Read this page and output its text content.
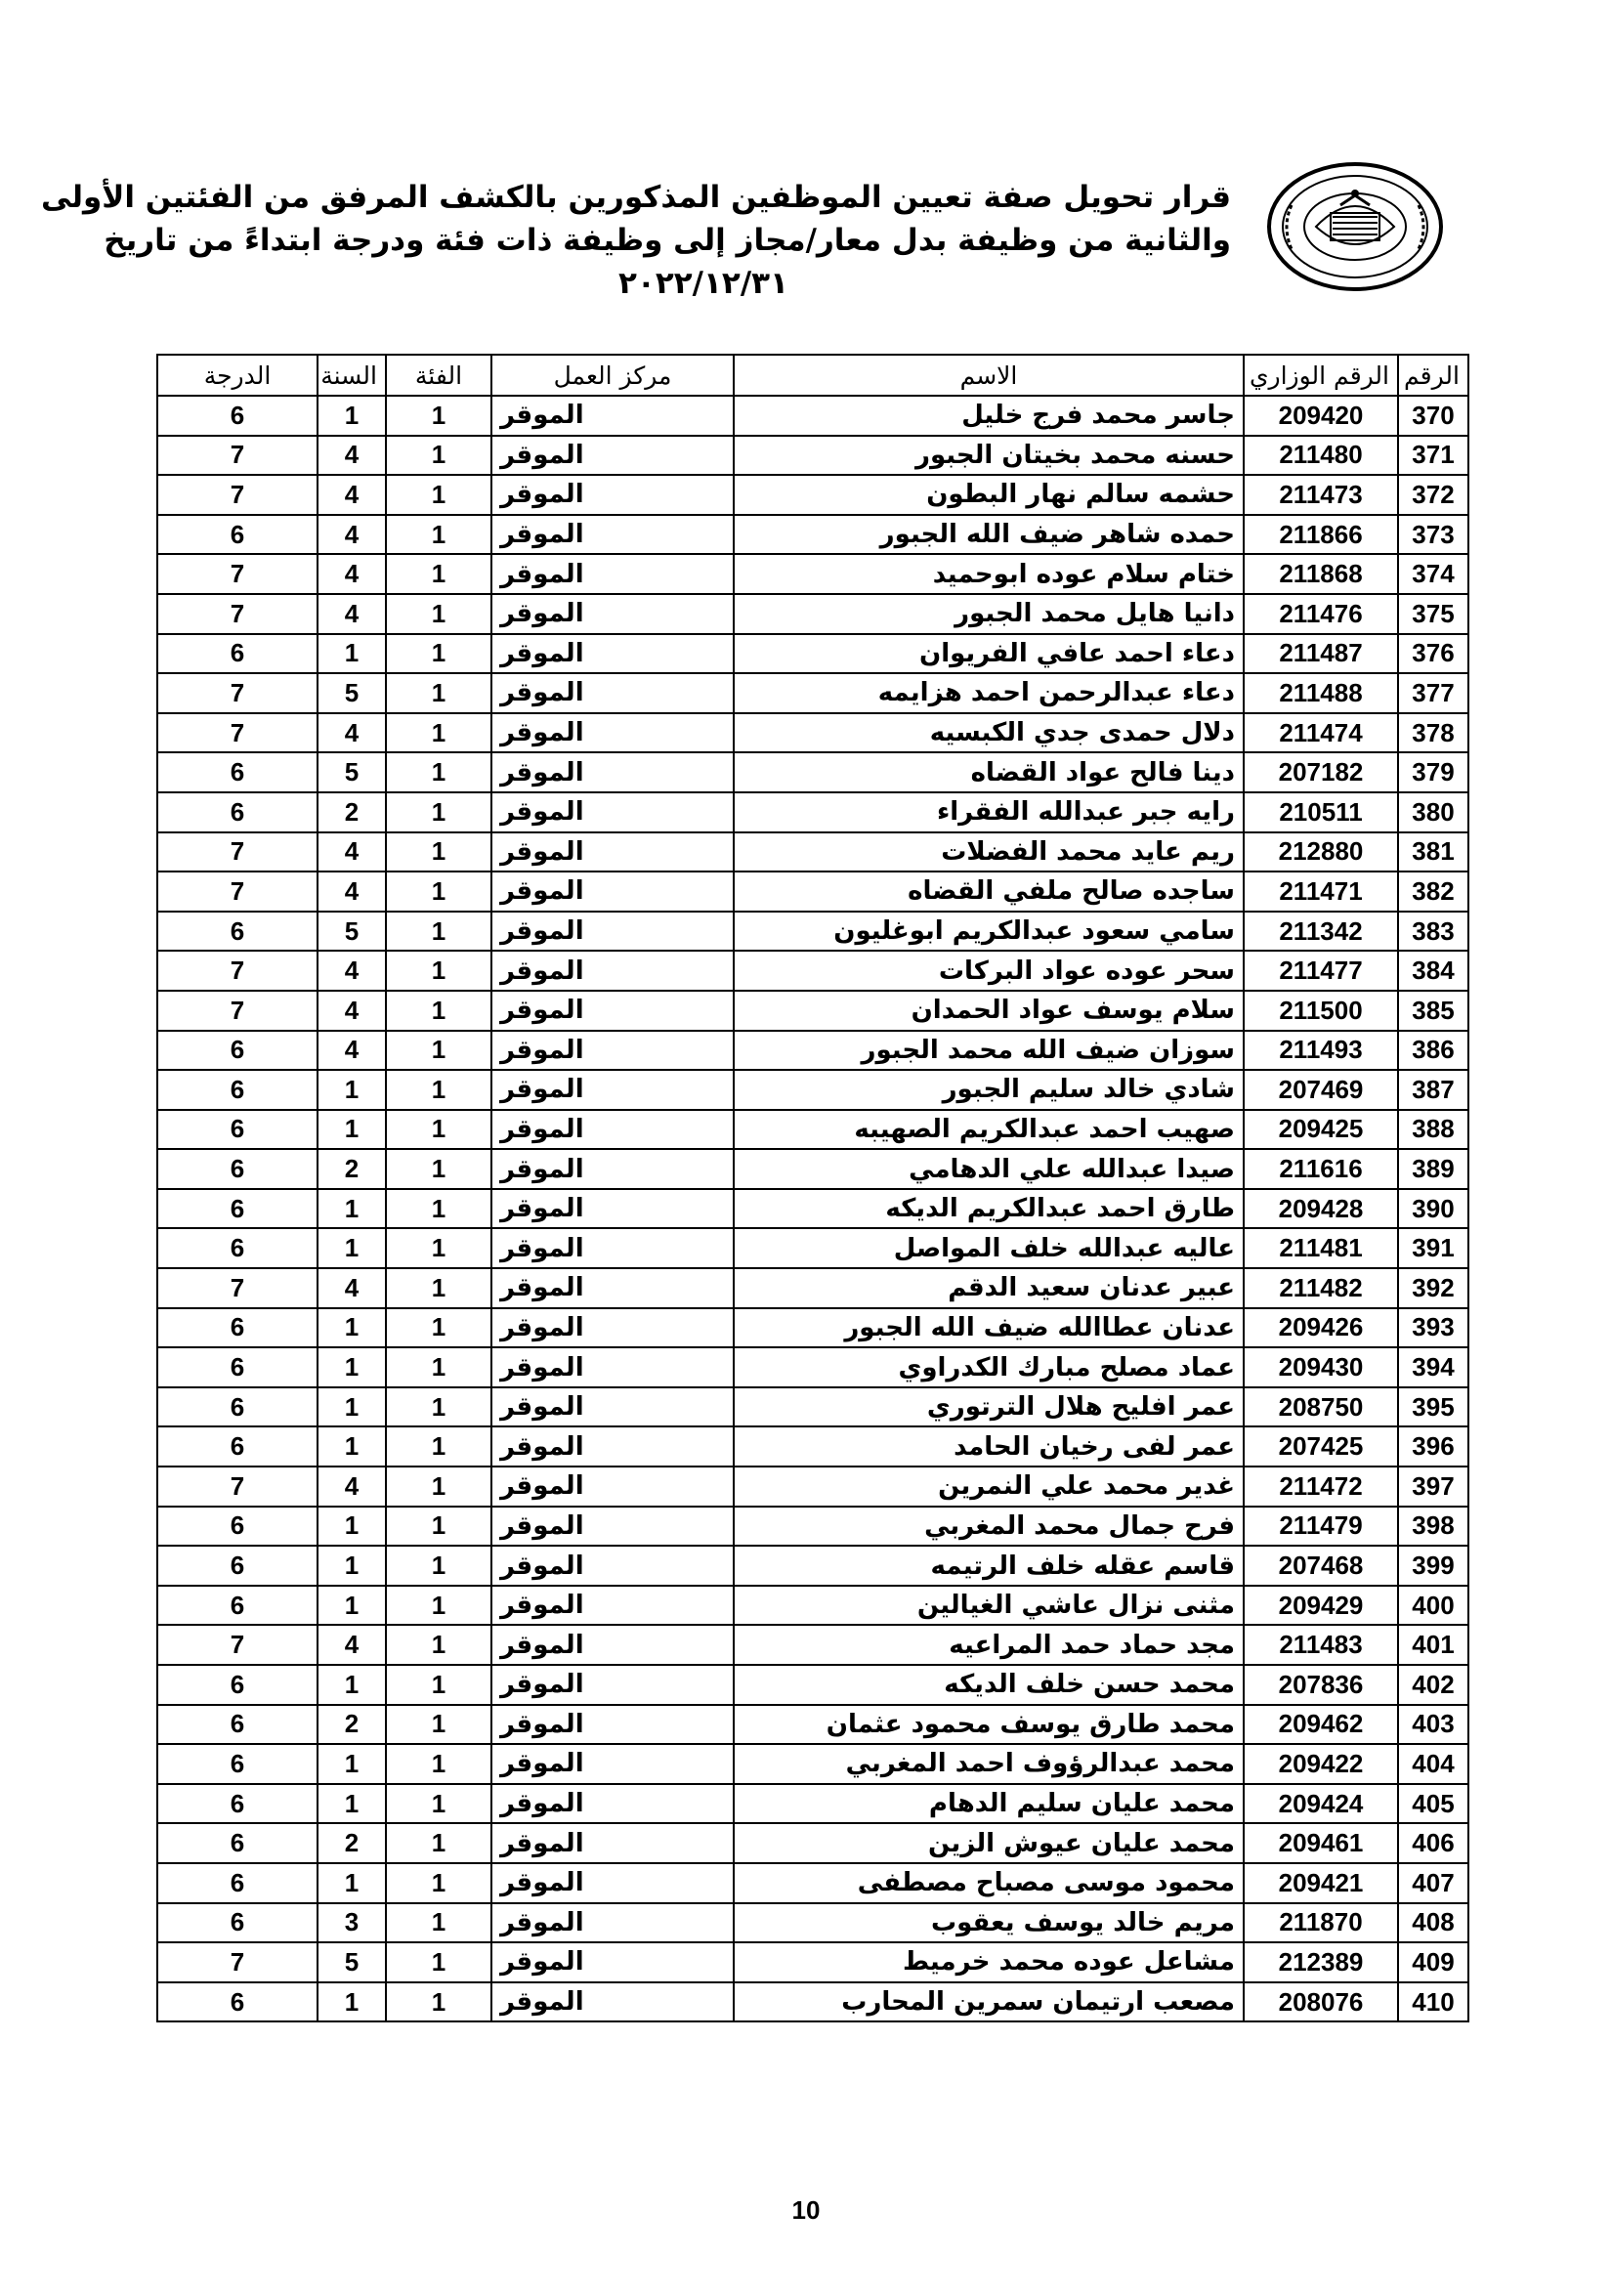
قرار تحويل صفة تعيين الموظفين المذكورين بالكشف المرفق من الفئتين الأولى
والثانية من وظيفة بدل معار/مجاز إلى وظيفة ذات فئة ودرجة ابتداءً من تاريخ
٢٠٢٢/١٢/٣١
الرقم	الرقم الوزاري	الاسم	مركز العمل	الفئة	السنة	الدرجة
370	209420	جاسر محمد فرج خليل	الموقر	1	1	6
371	211480	حسنه محمد بخيتان الجبور	الموقر	1	4	7
372	211473	حشمه سالم نهار البطون	الموقر	1	4	7
373	211866	حمده شاهر ضيف الله الجبور	الموقر	1	4	6
374	211868	ختام سلام عوده ابوحميد	الموقر	1	4	7
375	211476	دانيا هايل محمد الجبور	الموقر	1	4	7
376	211487	دعاء احمد عافي الفريوان	الموقر	1	1	6
377	211488	دعاء عبدالرحمن احمد هزايمه	الموقر	1	5	7
378	211474	دلال حمدى جدي الكبسيه	الموقر	1	4	7
379	207182	دينا فالح عواد القضاه	الموقر	1	5	6
380	210511	رايه جبر عبدالله الفقراء	الموقر	1	2	6
381	212880	ريم عايد محمد الفضلات	الموقر	1	4	7
382	211471	ساجده صالح ملفي القضاه	الموقر	1	4	7
383	211342	سامي سعود عبدالكريم ابوغليون	الموقر	1	5	6
384	211477	سحر عوده عواد البركات	الموقر	1	4	7
385	211500	سلام يوسف عواد الحمدان	الموقر	1	4	7
386	211493	سوزان ضيف الله محمد الجبور	الموقر	1	4	6
387	207469	شادي خالد سليم الجبور	الموقر	1	1	6
388	209425	صهيب احمد عبدالكريم الصهيبه	الموقر	1	1	6
389	211616	صيدا عبدالله علي الدهامي	الموقر	1	2	6
390	209428	طارق احمد عبدالكريم الديكه	الموقر	1	1	6
391	211481	عاليه عبدالله خلف المواصل	الموقر	1	1	6
392	211482	عبير عدنان سعيد الدقم	الموقر	1	4	7
393	209426	عدنان عطاالله ضيف الله الجبور	الموقر	1	1	6
394	209430	عماد مصلح مبارك الكدراوي	الموقر	1	1	6
395	208750	عمر افليح هلال الترتوري	الموقر	1	1	6
396	207425	عمر لفى رخيان الحامد	الموقر	1	1	6
397	211472	غدير محمد علي النمرين	الموقر	1	4	7
398	211479	فرح جمال محمد المغربي	الموقر	1	1	6
399	207468	قاسم عقله خلف الرتيمه	الموقر	1	1	6
400	209429	مثنى نزال عاشي الغيالين	الموقر	1	1	6
401	211483	مجد حماد حمد المراعيه	الموقر	1	4	7
402	207836	محمد حسن خلف الديكه	الموقر	1	1	6
403	209462	محمد طارق يوسف محمود عثمان	الموقر	1	2	6
404	209422	محمد عبدالرؤوف احمد المغربي	الموقر	1	1	6
405	209424	محمد عليان سليم الدهام	الموقر	1	1	6
406	209461	محمد عليان عيوش الزين	الموقر	1	2	6
407	209421	محمود موسى مصباح مصطفى	الموقر	1	1	6
408	211870	مريم خالد يوسف يعقوب	الموقر	1	3	6
409	212389	مشاعل عوده محمد خرميط	الموقر	1	5	7
410	208076	مصعب ارتيمان سمرين المحارب	الموقر	1	1	6
10
